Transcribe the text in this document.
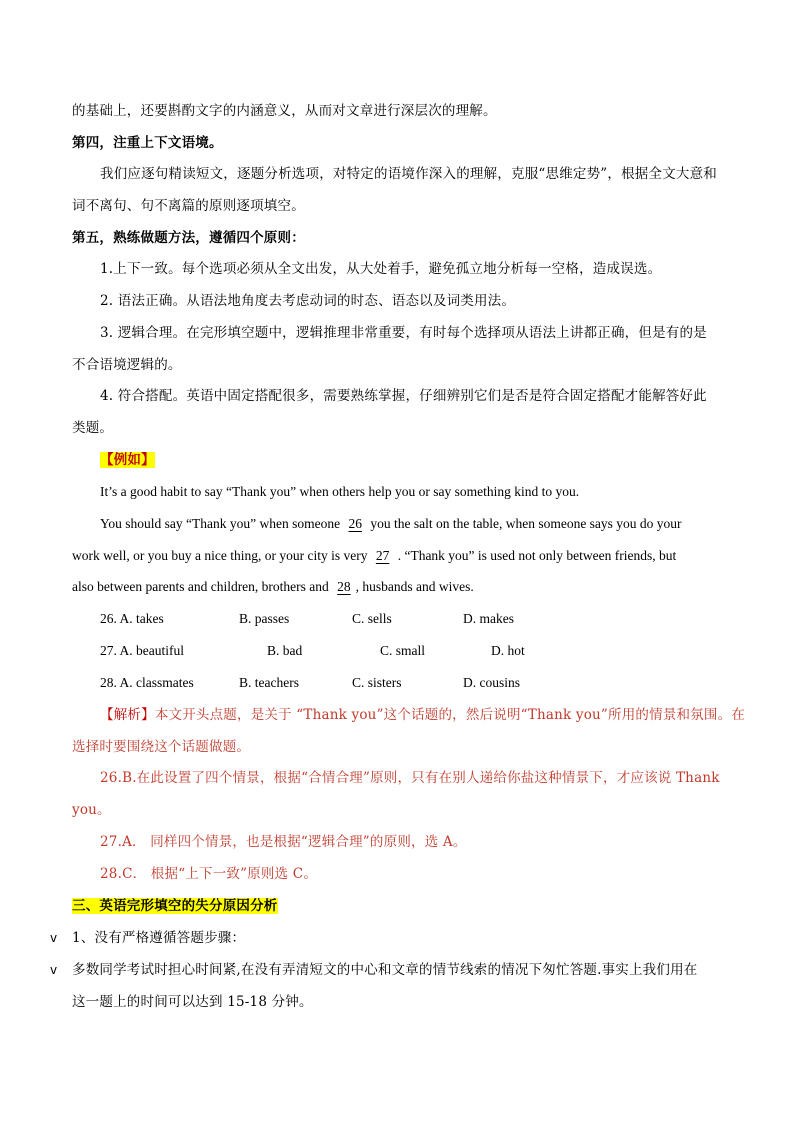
的基础上，还要斟酌文字的内涵意义，从而对文章进行深层次的理解。
第四，注重上下文语境。
我们应逐句精读短文，逐题分析选项，对特定的语境作深入的理解，克服“思维定势”，根据全文大意和
词不离句、句不离篇的原则逐项填空。
第五，熟练做题方法，遵循四个原则：
1.上下一致。每个选项必须从全文出发，从大处着手，避免孤立地分析每一空格，造成误选。
2. 语法正确。从语法地角度去考虑动词的时态、语态以及词类用法。
3. 逻辑合理。在完形填空题中，逻辑推理非常重要，有时每个选择项从语法上讲都正确，但是有的是
不合语境逻辑的。
4. 符合搭配。英语中固定搭配很多，需要熟练掌握，仔细辨别它们是否是符合固定搭配才能解答好此
类题。
【例如】
It’s a good habit to say “Thank you” when others help you or say something kind to you.
You should say “Thank you” when someone 26 you the salt on the table, when someone says you do your
work well, or you buy a nice thing, or your city is very 27 . “Thank you” is used not only between friends, but
also between parents and children, brothers and 28 , husbands and wives.
26. A. takes	B. passes	C. sells	D. makes
27. A. beautiful	B. bad	C. small	D. hot
28. A. classmates	B. teachers	C. sisters	D. cousins
【解析】本文开头点题，是关于 “Thank you”这个话题的，然后说明“Thank you”所用的情景和氛围。在
选择时要围绕这个话题做题。
26.B.在此设置了四个情景，根据“合情合理”原则，只有在别人递给你盐这种情景下，才应该说 Thank
you。
27.A． 同样四个情景，也是根据“逻辑合理”的原则，选 A。
28.C． 根据“上下一致”原则选 C。
三、英语完形填空的失分原因分析
v 1、没有严格遵循答题步骤：
v 多数同学考试时担心时间紧,在没有弄清短文的中心和文章的情节线索的情况下匆忙答题.事实上我们用在
这一题上的时间可以达到 15-18 分钟。
